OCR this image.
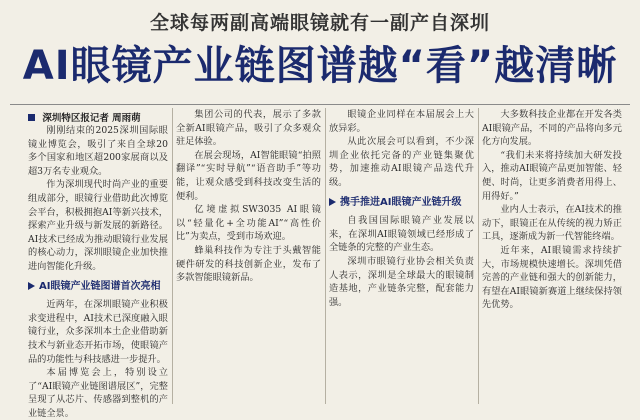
全球每两副高端眼镜就有一副产自深圳
AI眼镜产业链图谱越“看”越清晰
深圳特区报记者 周雨萌

刚刚结束的2025深圳国际眼镜业博览会，吸引了来自全球20多个国家和地区超200家展商以及超3万名专业观众。

作为深圳现代时尚产业的重要组成部分，眼镜行业借助此次博览会平台，积极拥抱AI等新兴技术，探索产业升级与新发展的新路径。AI技术已经成为推动眼镜行业发展的核心动力，深圳眼镜企业加快推进向智能化升级。

AI眼镜产业链图谱首次亮相

近两年，在深圳眼镜产业积极求变进程中，AI技术已深度融入眼镜行业，众多深圳本土企业借助新技术与新业态开拓市场，使眼镜产品的功能性与科技感进一步提升。

本届博览会上，特别设立了“AI眼镜产业链图谱展区”，完整呈现了从芯片、传感器到整机的产业链全景。

集团公司的代表，展示了多款全新AI眼镜产品，吸引了众多观众驻足体验。

在展会现场，AI智能眼镜“拍照翻译”“实时导航”“语音助手”等功能，让观众感受到科技改变生活的便利。

亿境虚拟SW3035 AI眼镜以“轻量化+全功能AI”“高性价比”为卖点，受到市场欢迎。

蜂巢科技作为专注于头戴智能硬件研发的科技创新企业，发布了多款智能眼镜新品。

眼镜企业同样在本届展会上大放异彩。

从此次展会可以看到，不少深圳企业依托完备的产业链集聚优势，加速推动AI眼镜产品迭代升级。

携手推进AI眼镜产业链升级

自我国国际眼镜产业发展以来，在深圳AI眼镜领域已经形成了全链条的完整的产业生态。

深圳市眼镜行业协会相关负责人表示，深圳是全球最大的眼镜制造基地，产业链条完整，配套能力强。

大多数科技企业都在开发各类AI眼镜产品，不同的产品将向多元化方向发展。

“我们未来将持续加大研发投入，推动AI眼镜产品更加智能、轻便、时尚，让更多消费者用得上、用得好。”

业内人士表示，在AI技术的推动下，眼镜正在从传统的视力矫正工具，逐渐成为新一代智能终端。

近年来，AI眼镜需求持续扩大，市场规模快速增长。深圳凭借完善的产业链和强大的创新能力，有望在AI眼镜新赛道上继续保持领先优势。
